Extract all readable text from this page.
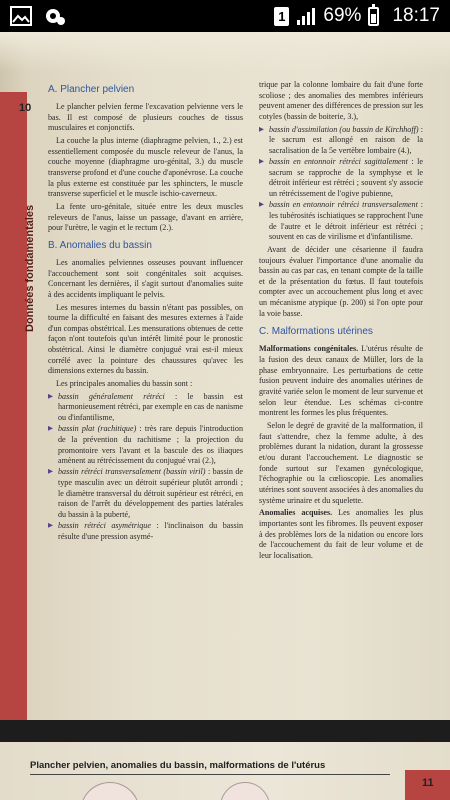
1 69% 18:17
10
Données fondamentales
A. Plancher pelvien

Le plancher pelvien ferme l'excavation pelvienne vers le bas. Il est composé de plusieurs couches de tissus musculaires et conjonctifs.

La couche la plus interne (diaphragme pelvien, 1., 2.) est essentiellement composée du muscle releveur de l'anus, la couche moyenne (diaphragme uro-génital, 3.) du muscle transverse profond et d'une couche d'aponévrose. La couche la plus externe est constituée par les sphincters, le muscle transverse superficiel et le muscle ischio-caverneux.

La fente uro-génitale, située entre les deux muscles releveurs de l'anus, laisse un passage, d'avant en arrière, pour l'urètre, le vagin et le rectum (2.).

B. Anomalies du bassin

Les anomalies pelviennes osseuses pouvant influencer l'accouchement sont soit congénitales soit acquises. Concernant les dernières, il s'agit surtout d'anomalies suite à des accidents impliquant le pelvis.

Les mesures internes du bassin n'étant pas possibles, on tourne la difficulté en faisant des mesures externes à l'aide d'un compas obstétrical. Les mensurations obtenues de cette façon n'ont toutefois qu'un intérêt limité pour le pronostic obstétrical. Ainsi le diamètre conjugué vrai est-il mieux corrélé avec la pointure des chaussures qu'avec les dimensions externes du bassin.

Les principales anomalies du bassin sont :

▶ bassin généralement rétréci : le bassin est harmonieusement rétréci, par exemple en cas de nanisme ou d'infantilisme,
▶ bassin plat (rachitique) : très rare depuis l'introduction de la prévention du rachitisme ; la projection du promontoire vers l'avant et la bascule des os iliaques amènent au rétrécissement du conjugué vrai (2.),
▶ bassin rétréci transversalement (bassin viril) : bassin de type masculin avec un détroit supérieur plutôt arrondi ; le diamètre transversal du détroit supérieur est rétréci, en raison de l'arrêt du développement des parties latérales du bassin à la puberté,
▶ bassin rétréci asymétrique : l'inclinaison du bassin résulte d'une pression asymé-

trique par la colonne lombaire du fait d'une forte scoliose ; des anomalies des membres inférieurs peuvent amener des différences de pression sur les cotyles (bassin de boiterie, 3.),

▶ bassin d'assimilation (ou bassin de Kirchhoff) : le sacrum est allongé en raison de la sacralisation de la 5e vertèbre lombaire (4.),
▶ bassin en entonnoir rétréci sagittalement : le sacrum se rapproche de la symphyse et le détroit inférieur est rétréci ; souvent s'y associe un rétrécissement de l'ogive pubienne,
▶ bassin en entonnoir rétréci transversalement : les tubérosités ischiatiques se rapprochent l'une de l'autre et le détroit inférieur est rétréci ; souvent en cas de virilisme et d'infantilisme.

Avant de décider une césarienne il faudra toujours évaluer l'importance d'une anomalie du bassin au cas par cas, en tenant compte de la taille et de la présentation du fœtus. Il faut toutefois compter avec un accouchement plus long et avec un mécanisme atypique (p. 200) si l'on opte pour la voie basse.

C. Malformations utérines

Malformations congénitales. L'utérus résulte de la fusion des deux canaux de Müller, lors de la phase embryonnaire. Les perturbations de cette fusion peuvent induire des anomalies utérines de gravité variée selon le moment de leur survenue et selon leur étendue. Les schémas ci-contre montrent les formes les plus fréquentes.

Selon le degré de gravité de la malformation, il faut s'attendre, chez la femme adulte, à des problèmes durant la nidation, durant la grossesse et/ou durant l'accouchement. Le diagnostic se fonde surtout sur l'examen gynécologique, l'échographie ou la cœlioscopie. Les anomalies utérines sont souvent associées à des anomalies du système urinaire et du squelette.

Anomalies acquises. Les anomalies les plus importantes sont les fibromes. Ils peuvent exposer à des problèmes lors de la nidation ou encore lors de l'accouchement du fait de leur volume et de leur localisation.

Plancher pelvien, anomalies du bassin, malformations de l'utérus
11
